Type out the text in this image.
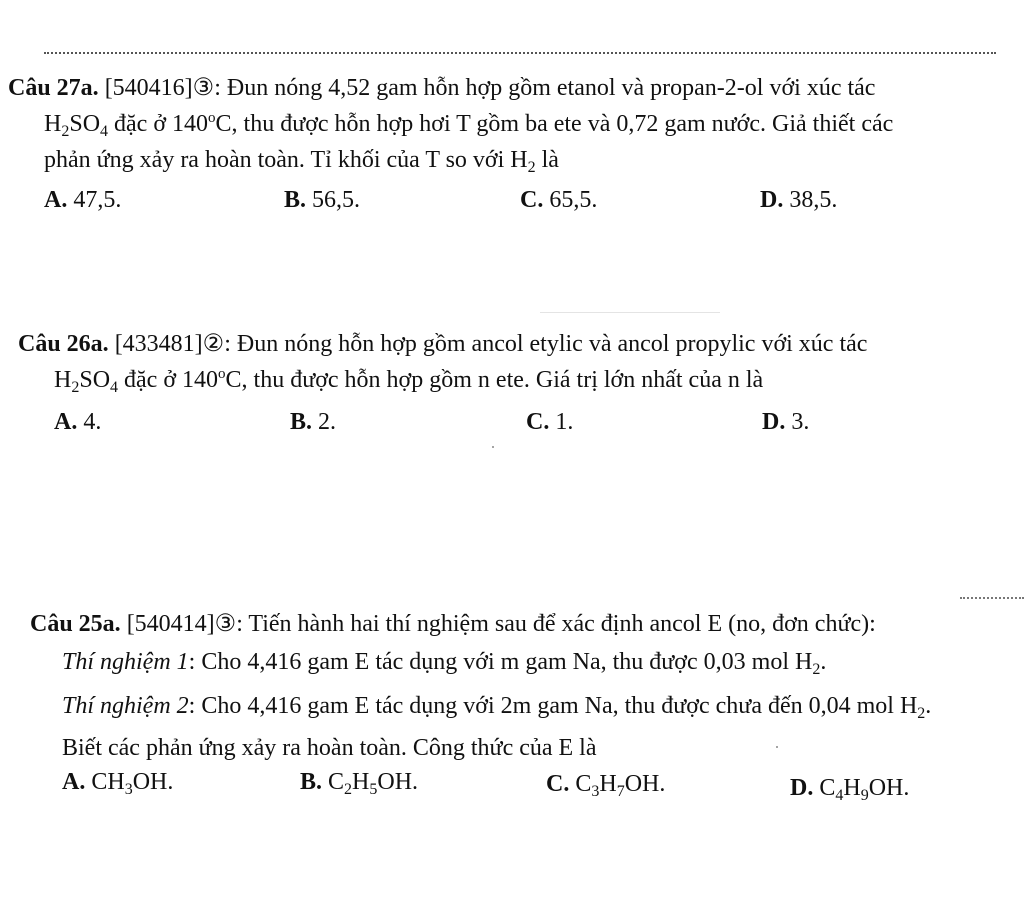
Câu 27a. [540416]③: Đun nóng 4,52 gam hỗn hợp gồm etanol và propan-2-ol với xúc tác
$H_2SO_4$ đặc ở 140$^o$C, thu được hỗn hợp hơi T gồm ba ete và 0,72 gam nước. Giả thiết các
phản ứng xảy ra hoàn toàn. Tỉ khối của T so với $H_2$ là
A. 47,5.	B. 56,5.	C. 65,5.	D. 38,5.
Câu 26a. [433481]②: Đun nóng hỗn hợp gồm ancol etylic và ancol propylic với xúc tác
$H_2SO_4$ đặc ở 140$^o$C, thu được hỗn hợp gồm n ete. Giá trị lớn nhất của n là
A. 4.	B. 2.	C. 1.	D. 3.
Câu 25a. [540414]③: Tiến hành hai thí nghiệm sau để xác định ancol E (no, đơn chức):
Thí nghiệm 1: Cho 4,416 gam E tác dụng với m gam Na, thu được 0,03 mol $H_2$.
Thí nghiệm 2: Cho 4,416 gam E tác dụng với 2m gam Na, thu được chưa đến 0,04 mol $H_2$.
Biết các phản ứng xảy ra hoàn toàn. Công thức của E là
A. $CH_3OH$.	B. $C_2H_5OH$.	C. $C_3H_7OH$.	D. $C_4H_9OH$.
